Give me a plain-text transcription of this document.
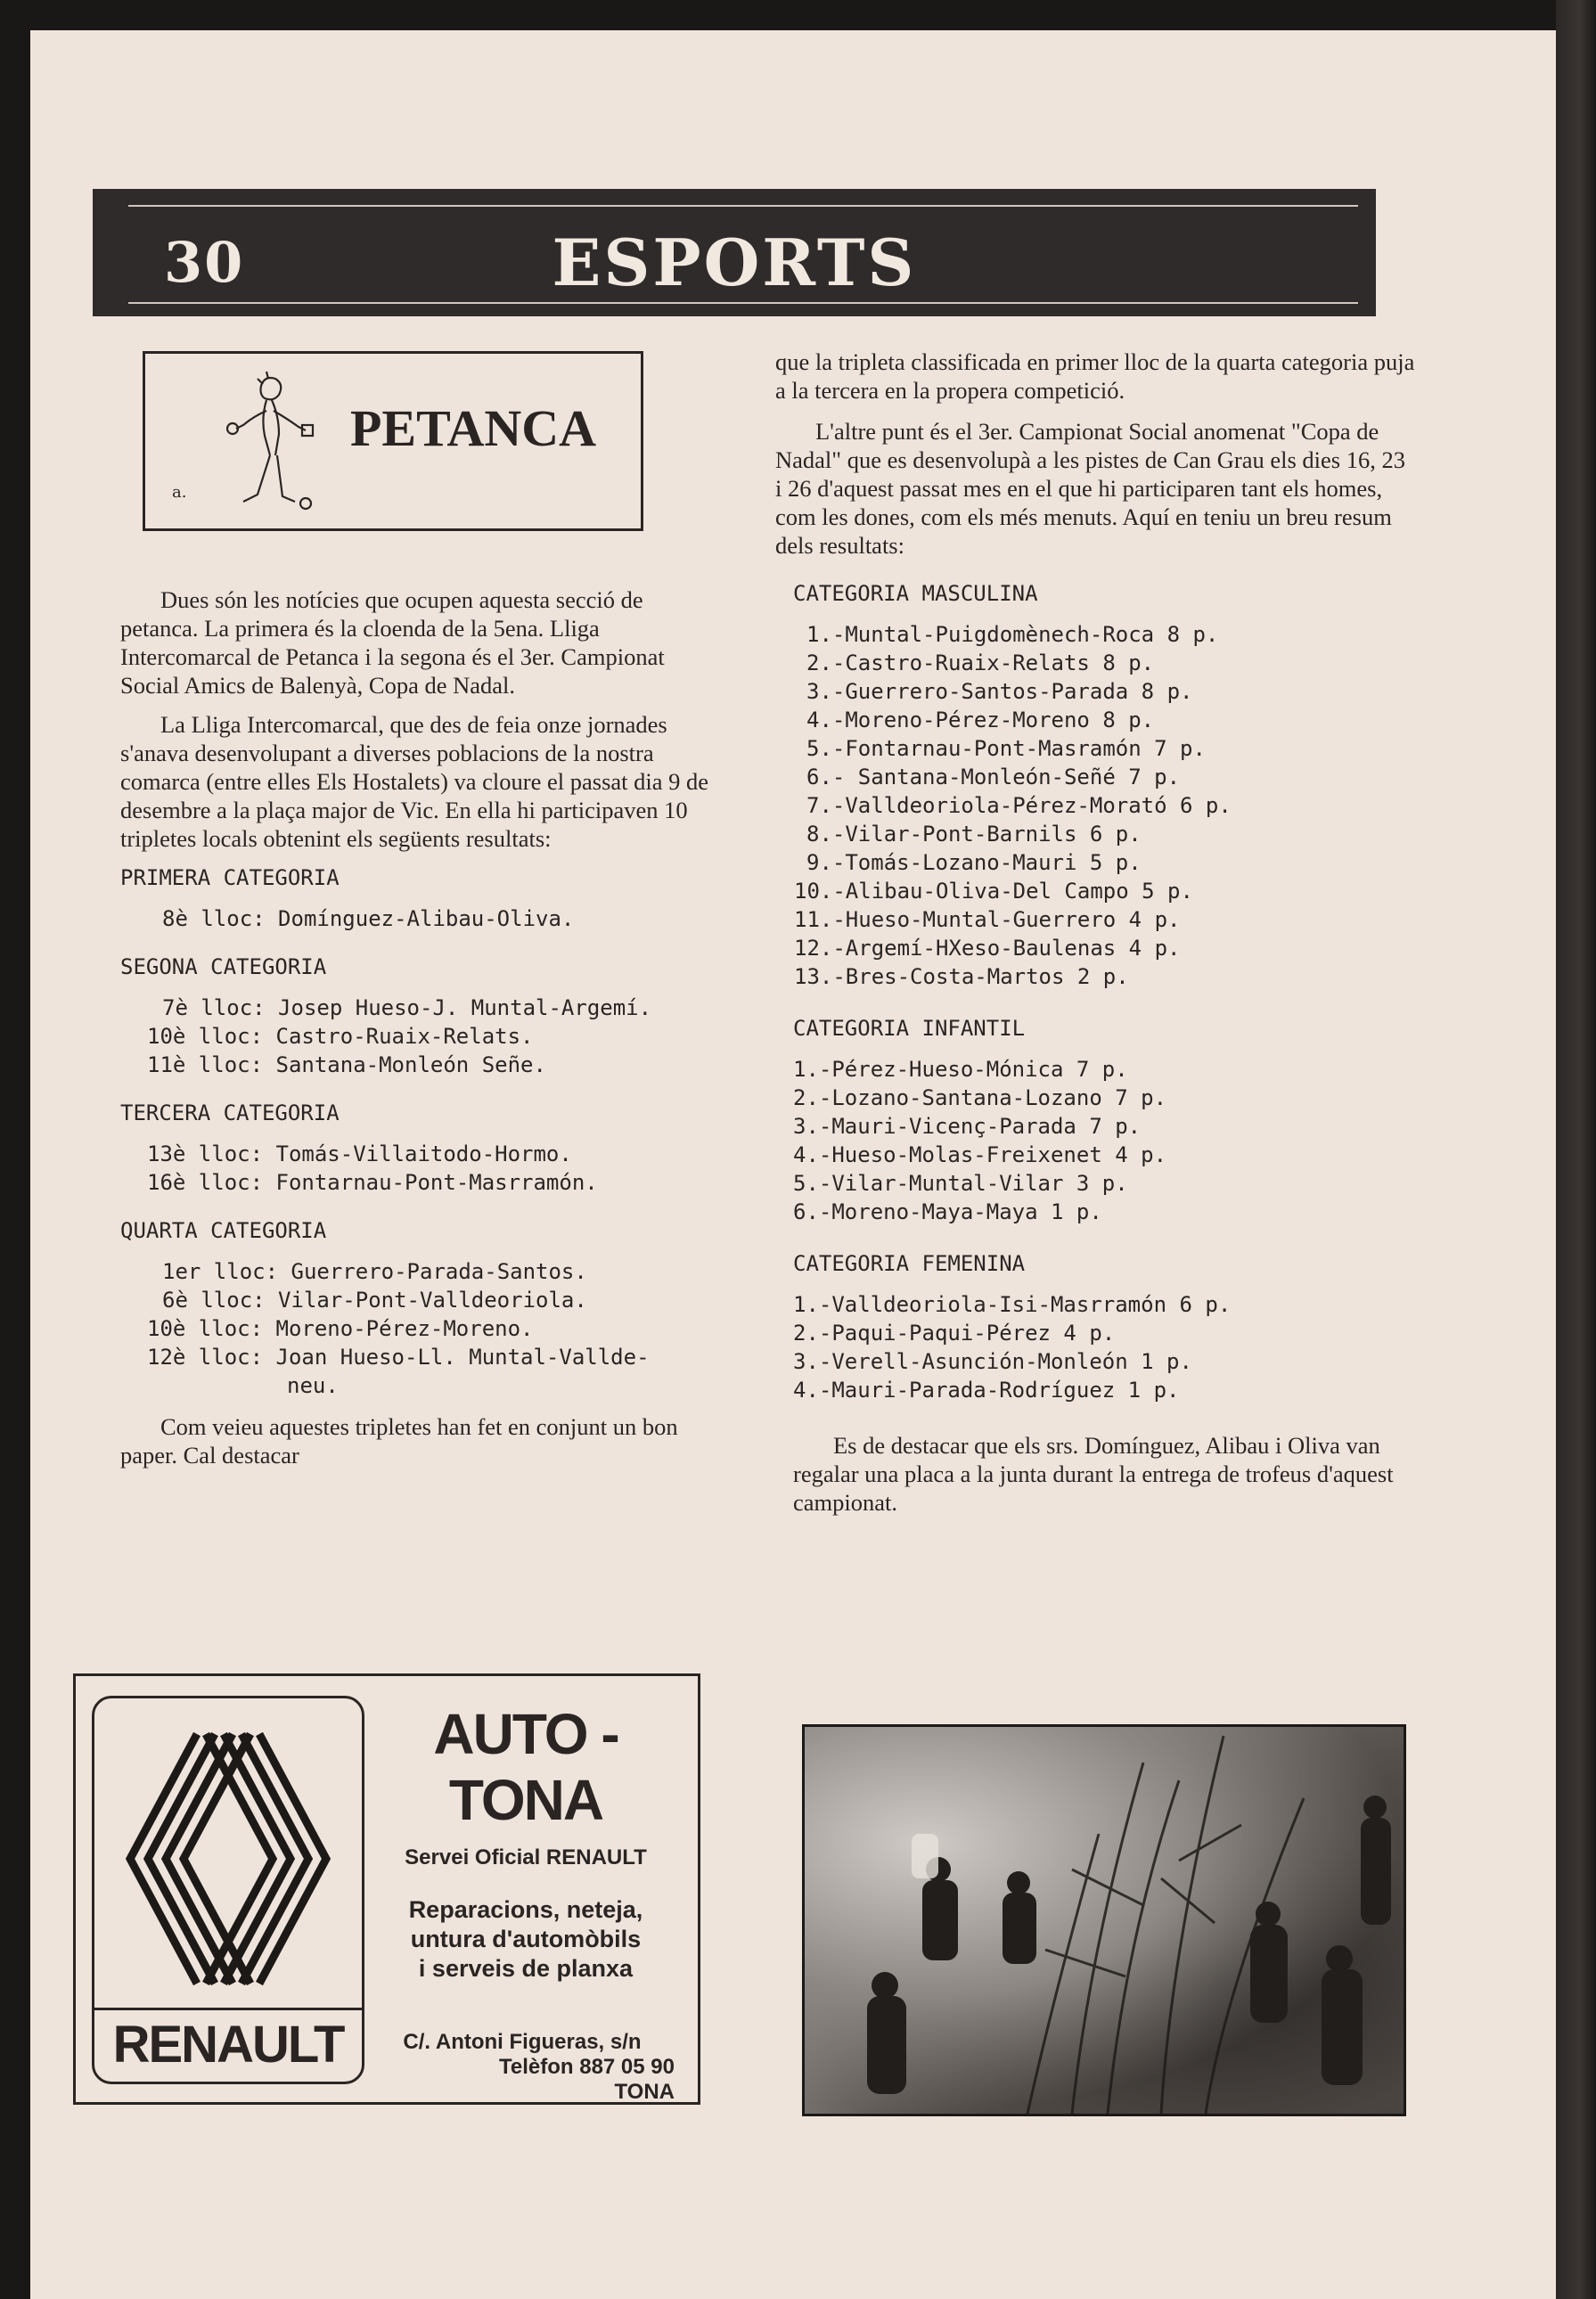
30	ESPORTS
a.
PETANCA

Dues són les notícies que ocupen aquesta secció de petanca. La primera és la cloenda de la 5ena. Lliga Intercomarcal de Petanca i la segona és el 3er. Campionat Social Amics de Balenyà, Copa de Nadal.

La Lliga Intercomarcal, que des de feia onze jornades s'anava desenvolupant a diverses poblacions de la nostra comarca (entre elles Els Hostalets) va cloure el passat dia 9 de desembre a la plaça major de Vic. En ella hi participaven 10 tripletes locals obtenint els següents resultats:

PRIMERA CATEGORIA
8è lloc: Domínguez-Alibau-Oliva.
SEGONA CATEGORIA
7è lloc: Josep Hueso-J. Muntal-Argemí.
10è lloc: Castro-Ruaix-Relats.
11è lloc: Santana-Monleón Señe.
TERCERA CATEGORIA
13è lloc: Tomás-Villaitodo-Hormo.
16è lloc: Fontarnau-Pont-Masrramón.
QUARTA CATEGORIA
1er lloc: Guerrero-Parada-Santos.
6è lloc: Vilar-Pont-Valldeoriola.
10è lloc: Moreno-Pérez-Moreno.
12è lloc: Joan Hueso-Ll. Muntal-Vallde-
neu.

Com veieu aquestes tripletes han fet en conjunt un bon paper. Cal destacar

que la tripleta classificada en primer lloc de la quarta categoria puja a la tercera en la propera competició.

L'altre punt és el 3er. Campionat Social anomenat "Copa de Nadal" que es desenvolupà a les pistes de Can Grau els dies 16, 23 i 26 d'aquest passat mes en el que hi participaren tant els homes, com les dones, com els més menuts. Aquí en teniu un breu resum dels resultats:

CATEGORIA MASCULINA
1.-Muntal-Puigdomènech-Roca 8 p.
2.-Castro-Ruaix-Relats 8 p.
3.-Guerrero-Santos-Parada 8 p.
4.-Moreno-Pérez-Moreno 8 p.
5.-Fontarnau-Pont-Masramón 7 p.
6.- Santana-Monleón-Señé 7 p.
7.-Valldeoriola-Pérez-Morató 6 p.
8.-Vilar-Pont-Barnils 6 p.
9.-Tomás-Lozano-Mauri 5 p.
10.-Alibau-Oliva-Del Campo 5 p.
11.-Hueso-Muntal-Guerrero 4 p.
12.-Argemí-HXeso-Baulenas 4 p.
13.-Bres-Costa-Martos 2 p.
CATEGORIA INFANTIL
1.-Pérez-Hueso-Mónica 7 p.
2.-Lozano-Santana-Lozano 7 p.
3.-Mauri-Vicenç-Parada 7 p.
4.-Hueso-Molas-Freixenet 4 p.
5.-Vilar-Muntal-Vilar 3 p.
6.-Moreno-Maya-Maya 1 p.
CATEGORIA FEMENINA
1.-Valldeoriola-Isi-Masrramón 6 p.
2.-Paqui-Paqui-Pérez 4 p.
3.-Verell-Asunción-Monleón 1 p.
4.-Mauri-Parada-Rodríguez 1 p.

Es de destacar que els srs. Domínguez, Alibau i Oliva van regalar una placa a la junta durant la entrega de trofeus d'aquest campionat.

RENAULT
AUTO - TONA
Servei Oficial RENAULT
Reparacions, neteja,
untura d'automòbils
i serveis de planxa
C/. Antoni Figueras, s/n
Telèfon 887 05 90
TONA
